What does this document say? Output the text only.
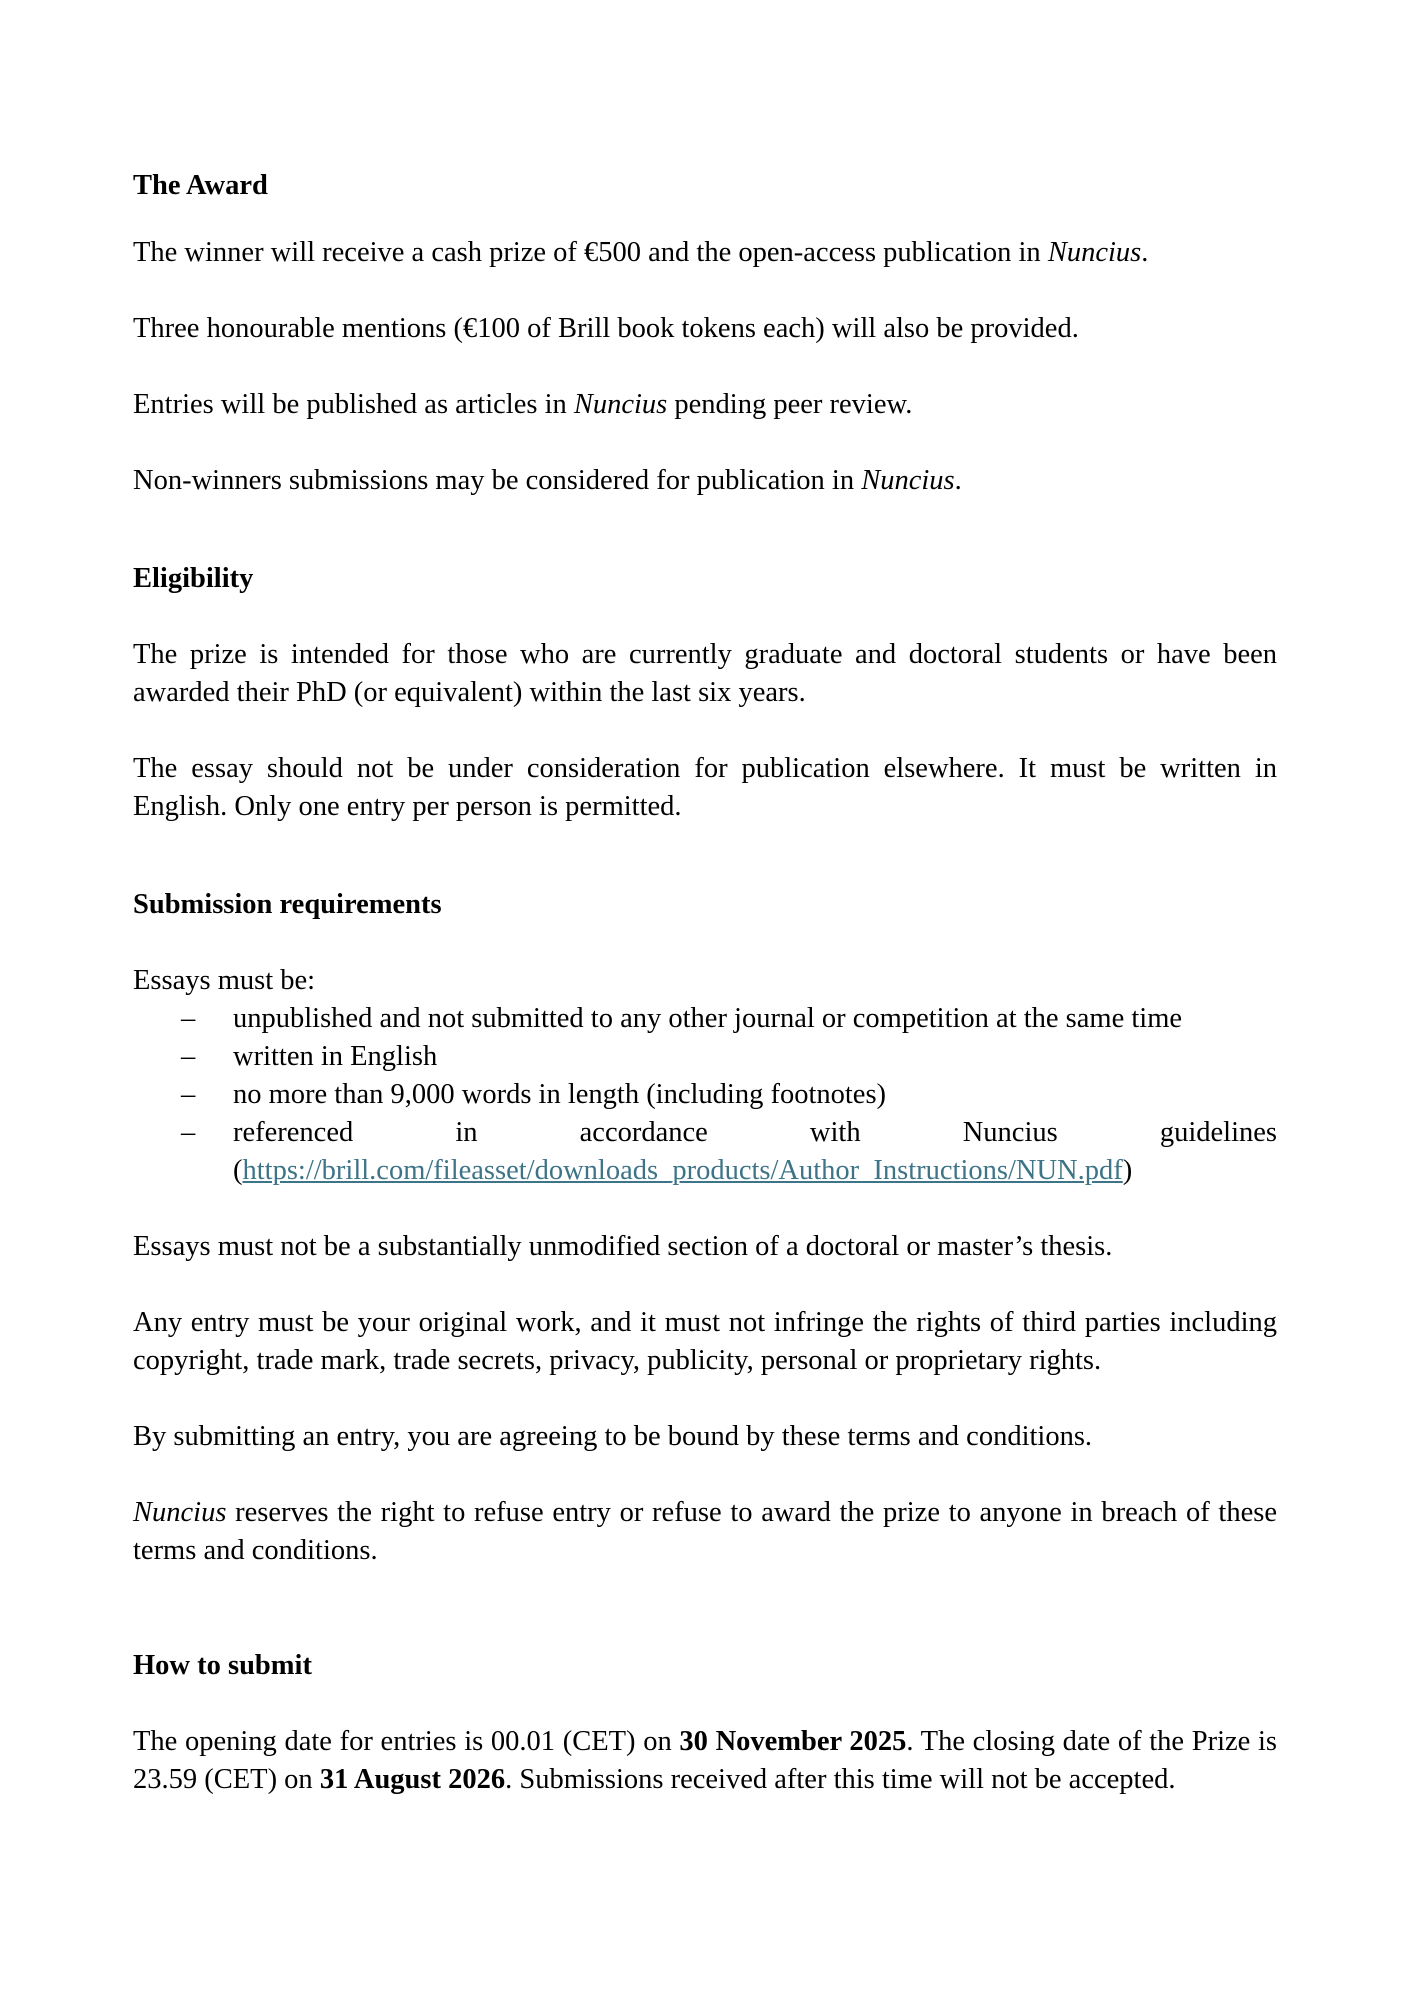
The Award

The winner will receive a cash prize of €500 and the open-access publication in Nuncius.

Three honourable mentions (€100 of Brill book tokens each) will also be provided.

Entries will be published as articles in Nuncius pending peer review.

Non-winners submissions may be considered for publication in Nuncius.

Eligibility

The prize is intended for those who are currently graduate and doctoral students or have been awarded their PhD (or equivalent) within the last six years.

The essay should not be under consideration for publication elsewhere. It must be written in English. Only one entry per person is permitted.

Submission requirements

Essays must be:

– unpublished and not submitted to any other journal or competition at the same time
– written in English
– no more than 9,000 words in length (including footnotes)
– referenced in accordance with Nuncius guidelines (https://brill.com/fileasset/downloads_products/Author_Instructions/NUN.pdf)

Essays must not be a substantially unmodified section of a doctoral or master’s thesis.

Any entry must be your original work, and it must not infringe the rights of third parties including copyright, trade mark, trade secrets, privacy, publicity, personal or proprietary rights.

By submitting an entry, you are agreeing to be bound by these terms and conditions.

Nuncius reserves the right to refuse entry or refuse to award the prize to anyone in breach of these terms and conditions.

How to submit

The opening date for entries is 00.01 (CET) on 30 November 2025. The closing date of the Prize is 23.59 (CET) on 31 August 2026. Submissions received after this time will not be accepted.
